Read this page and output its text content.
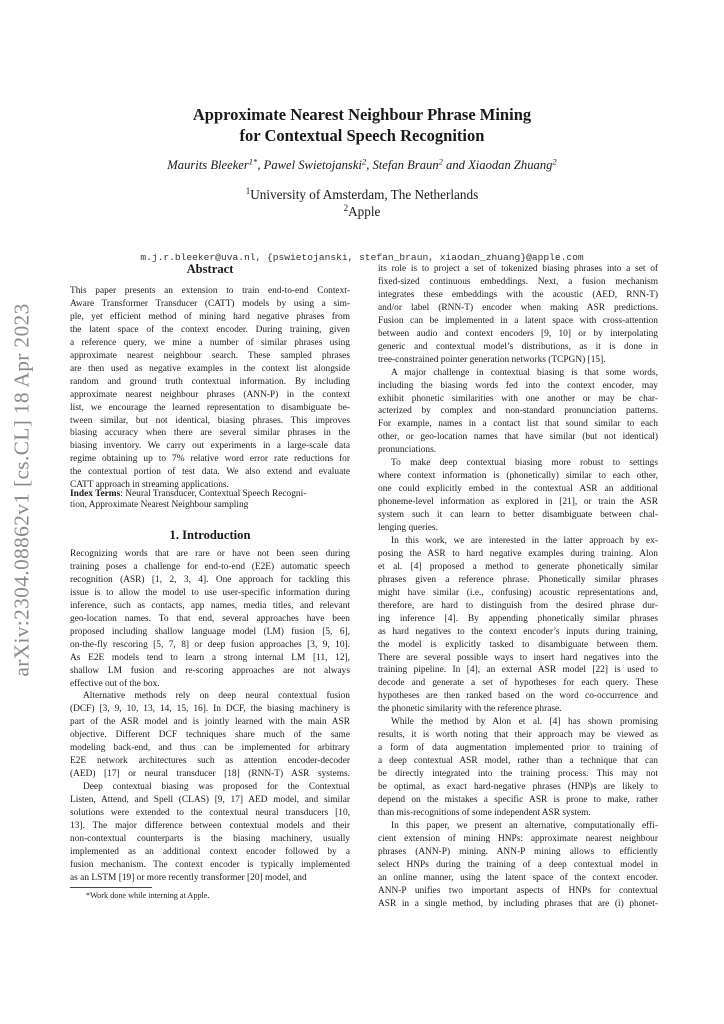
arXiv:2304.08862v1 [cs.CL] 18 Apr 2023
Approximate Nearest Neighbour Phrase Mining
for Contextual Speech Recognition
Maurits Bleeker$^{1*}$, Pawel Swietojanski$^2$, Stefan Braun$^2$ and Xiaodan Zhuang$^2$
$^1$University of Amsterdam, The Netherlands
$^2$Apple
m.j.r.bleeker@uva.nl, {pswietojanski, stefan_braun, xiaodan_zhuang}@apple.com
Abstract
This paper presents an extension to train end-to-end Context-
Aware Transformer Transducer (CATT) models by using a sim-
ple, yet efficient method of mining hard negative phrases from
the latent space of the context encoder. During training, given
a reference query, we mine a number of similar phrases using
approximate nearest neighbour search. These sampled phrases
are then used as negative examples in the context list alongside
random and ground truth contextual information. By including
approximate nearest neighbour phrases (ANN-P) in the context
list, we encourage the learned representation to disambiguate be-
tween similar, but not identical, biasing phrases. This improves
biasing accuracy when there are several similar phrases in the
biasing inventory. We carry out experiments in a large-scale data
regime obtaining up to 7% relative word error rate reductions for
the contextual portion of test data. We also extend and evaluate
CATT approach in streaming applications.
Index Terms: Neural Transducer, Contextual Speech Recogni-
tion, Approximate Nearest Neighbour sampling
1. Introduction
Recognizing words that are rare or have not been seen during
training poses a challenge for end-to-end (E2E) automatic speech
recognition (ASR) [1, 2, 3, 4]. One approach for tackling this
issue is to allow the model to use user-specific information during
inference, such as contacts, app names, media titles, and relevant
geo-location names. To that end, several approaches have been
proposed including shallow language model (LM) fusion [5, 6],
on-the-fly rescoring [5, 7, 8] or deep fusion approaches [3, 9, 10].
As E2E models tend to learn a strong internal LM [11, 12],
shallow LM fusion and re-scoring approaches are not always
effective out of the box.
Alternative methods rely on deep neural contextual fusion
(DCF) [3, 9, 10, 13, 14, 15, 16]. In DCF, the biasing machinery is
part of the ASR model and is jointly learned with the main ASR
objective. Different DCF techniques share much of the same
modeling back-end, and thus can be implemented for arbitrary
E2E network architectures such as attention encoder-decoder
(AED) [17] or neural transducer [18] (RNN-T) ASR systems.
Deep contextual biasing was proposed for the Contextual
Listen, Attend, and Spell (CLAS) [9, 17] AED model, and similar
solutions were extended to the contextual neural transducers [10,
13]. The major difference between contextual models and their
non-contextual counterparts is the biasing machinery, usually
implemented as an additional context encoder followed by a
fusion mechanism. The context encoder is typically implemented
as an LSTM [19] or more recently transformer [20] model, and
its role is to project a set of tokenized biasing phrases into a set of
fixed-sized continuous embeddings. Next, a fusion mechanism
integrates these embeddings with the acoustic (AED, RNN-T)
and/or label (RNN-T) encoder when making ASR predictions.
Fusion can be implemented in a latent space with cross-attention
between audio and context encoders [9, 10] or by interpolating
generic and contextual model’s distributions, as it is done in
tree-constrained pointer generation networks (TCPGN) [15].
A major challenge in contextual biasing is that some words,
including the biasing words fed into the context encoder, may
exhibit phonetic similarities with one another or may be char-
acterized by complex and non-standard pronunciation patterns.
For example, names in a contact list that sound similar to each
other, or geo-location names that have similar (but not identical)
pronunciations.
To make deep contextual biasing more robust to settings
where context information is (phonetically) similar to each other,
one could explicitly embed in the contextual ASR an additional
phoneme-level information as explored in [21], or train the ASR
system such it can learn to better disambiguate between chal-
lenging queries.
In this work, we are interested in the latter approach by ex-
posing the ASR to hard negative examples during training. Alon
et al. [4] proposed a method to generate phonetically similar
phrases given a reference phrase. Phonetically similar phrases
might have similar (i.e., confusing) acoustic representations and,
therefore, are hard to distinguish from the desired phrase dur-
ing inference [4]. By appending phonetically similar phrases
as hard negatives to the context encoder’s inputs during training,
the model is explicitly tasked to disambiguate between them.
There are several possible ways to insert hard negatives into the
training pipeline. In [4], an external ASR model [22] is used to
decode and generate a set of hypotheses for each query. These
hypotheses are then ranked based on the word co-occurrence and
the phonetic similarity with the reference phrase.
While the method by Alon et al. [4] has shown promising
results, it is worth noting that their approach may be viewed as
a form of data augmentation implemented prior to training of
a deep contextual ASR model, rather than a technique that can
be directly integrated into the training process. This may not
be optimal, as exact hard-negative phrases (HNP)s are likely to
depend on the mistakes a specific ASR is prone to make, rather
than mis-recognitions of some independent ASR system.
In this paper, we present an alternative, computationally effi-
cient extension of mining HNPs: approximate nearest neighbour
phrases (ANN-P) mining. ANN-P mining allows to efficiently
select HNPs during the training of a deep contextual model in
an online manner, using the latent space of the context encoder.
ANN-P unifies two important aspects of HNPs for contextual
ASR in a single method, by including phrases that are (i) phonet-
*Work done while interning at Apple.
